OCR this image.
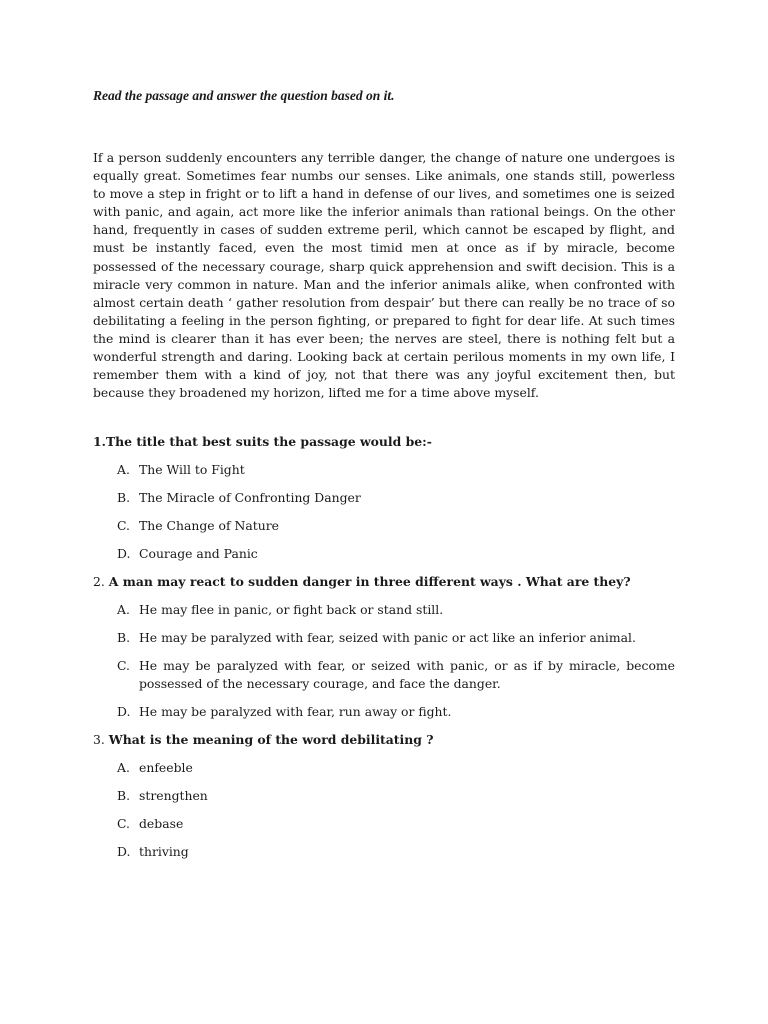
Read the passage and answer the question based on it.

If a person suddenly encounters any terrible danger, the change of nature one undergoes is equally great. Sometimes fear numbs our senses. Like animals, one stands still, powerless to move a step in fright or to lift a hand in defense of our lives, and sometimes one is seized with panic, and again, act more like the inferior animals than rational beings. On the other hand, frequently in cases of sudden extreme peril, which cannot be escaped by flight, and must be instantly faced, even the most timid men at once as if by miracle, become possessed of the necessary courage, sharp quick apprehension and swift decision. This is a miracle very common in nature. Man and the inferior animals alike, when confronted with almost certain death ‘ gather resolution from despair’ but there can really be no trace of so debilitating a feeling in the person fighting, or prepared to fight for dear life. At such times the mind is clearer than it has ever been; the nerves are steel, there is nothing felt but a wonderful strength and daring. Looking back at certain perilous moments in my own life, I remember them with a kind of joy, not that there was any joyful excitement then, but because they broadened my horizon, lifted me for a time above myself.

1.The title that best suits the passage would be:-

A. The Will to Fight
B. The Miracle of Confronting Danger
C. The Change of Nature
D. Courage and Panic

2. A man may react to sudden danger in three different ways . What are they?

A. He may flee in panic, or fight back or stand still.
B. He may be paralyzed with fear, seized with panic or act like an inferior animal.
C. He may be paralyzed with fear, or seized with panic, or as if by miracle, become possessed of the necessary courage, and face the danger.
D. He may be paralyzed with fear, run away or fight.

3. What is the meaning of the word debilitating ?

A. enfeeble
B. strengthen
C. debase
D. thriving
